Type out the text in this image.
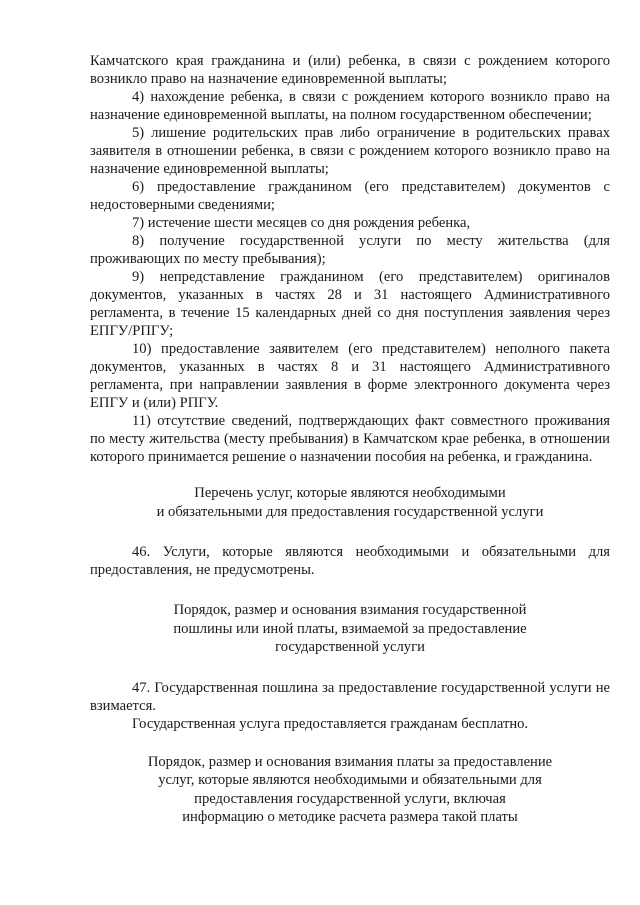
Камчатского края гражданина и (или) ребенка, в связи с рождением которого возникло право на назначение единовременной выплаты;

4) нахождение ребенка, в связи с рождением которого возникло право на назначение единовременной выплаты, на полном государственном обеспечении;

5) лишение родительских прав либо ограничение в родительских правах заявителя в отношении ребенка, в связи с рождением которого возникло право на назначение единовременной выплаты;

6) предоставление гражданином (его представителем) документов с недостоверными сведениями;

7) истечение шести месяцев со дня рождения ребенка,

8) получение государственной услуги по месту жительства (для проживающих по месту пребывания);

9) непредставление гражданином (его представителем) оригиналов документов, указанных в частях 28 и 31 настоящего Административного регламента, в течение 15 календарных дней со дня поступления заявления через ЕПГУ/РПГУ;

10) предоставление заявителем (его представителем) неполного пакета документов, указанных в частях 8 и 31 настоящего Административного регламента, при направлении заявления в форме электронного документа через ЕПГУ и (или) РПГУ.

11) отсутствие сведений, подтверждающих факт совместного проживания по месту жительства (месту пребывания) в Камчатском крае ребенка, в отношении которого принимается решение о назначении пособия на ребенка, и гражданина.

Перечень услуг, которые являются необходимыми
и обязательными для предоставления государственной услуги

46. Услуги, которые являются необходимыми и обязательными для предоставления, не предусмотрены.

Порядок, размер и основания взимания государственной
пошлины или иной платы, взимаемой за предоставление
государственной услуги

47. Государственная пошлина за предоставление государственной услуги не взимается.

Государственная услуга предоставляется гражданам бесплатно.

Порядок, размер и основания взимания платы за предоставление
услуг, которые являются необходимыми и обязательными для
предоставления государственной услуги, включая
информацию о методике расчета размера такой платы
